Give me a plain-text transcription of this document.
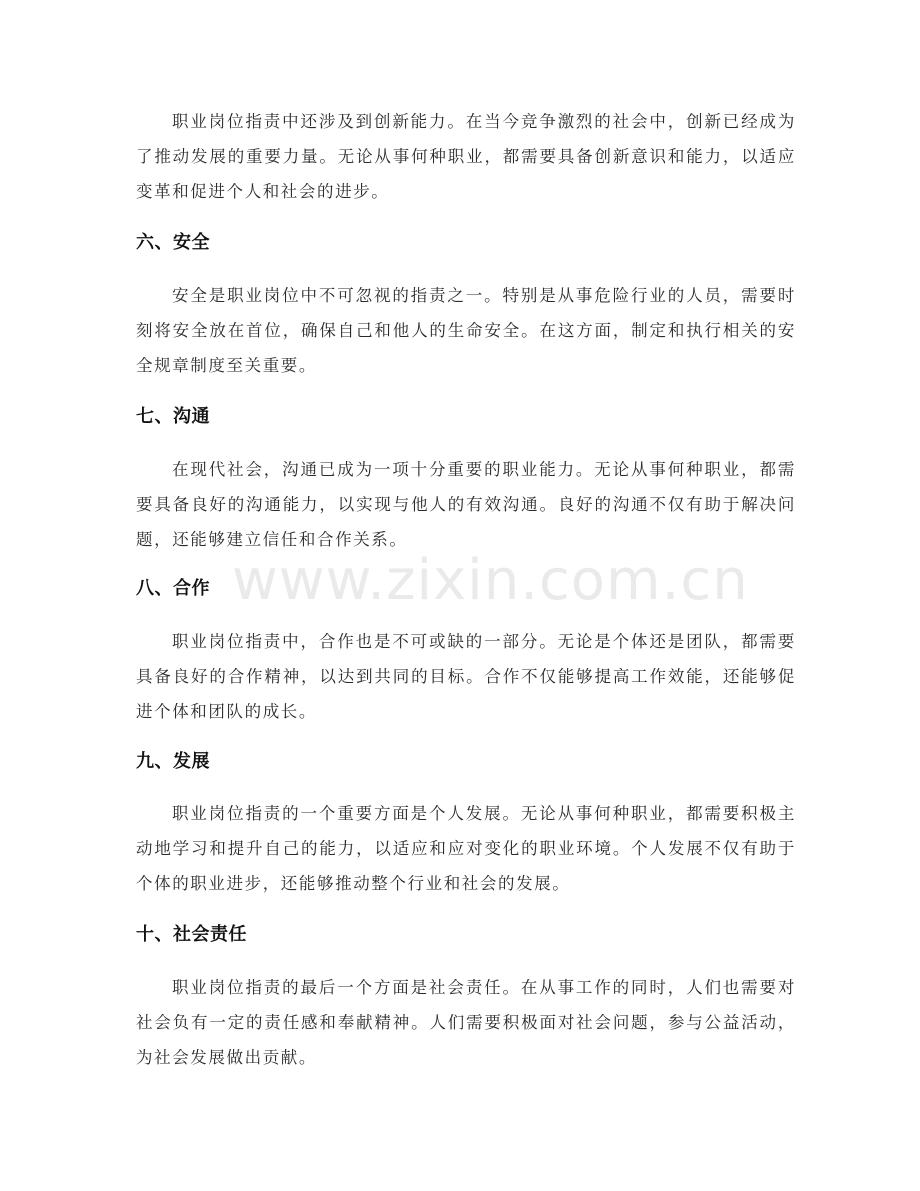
职业岗位指责中还涉及到创新能力。在当今竞争激烈的社会中，创新已经成为了推动发展的重要力量。无论从事何种职业，都需要具备创新意识和能力，以适应变革和促进个人和社会的进步。

六、安全

安全是职业岗位中不可忽视的指责之一。特别是从事危险行业的人员，需要时刻将安全放在首位，确保自己和他人的生命安全。在这方面，制定和执行相关的安全规章制度至关重要。

七、沟通

在现代社会，沟通已成为一项十分重要的职业能力。无论从事何种职业，都需要具备良好的沟通能力，以实现与他人的有效沟通。良好的沟通不仅有助于解决问题，还能够建立信任和合作关系。

八、合作

职业岗位指责中，合作也是不可或缺的一部分。无论是个体还是团队，都需要具备良好的合作精神，以达到共同的目标。合作不仅能够提高工作效能，还能够促进个体和团队的成长。

九、发展

职业岗位指责的一个重要方面是个人发展。无论从事何种职业，都需要积极主动地学习和提升自己的能力，以适应和应对变化的职业环境。个人发展不仅有助于个体的职业进步，还能够推动整个行业和社会的发展。

十、社会责任

职业岗位指责的最后一个方面是社会责任。在从事工作的同时，人们也需要对社会负有一定的责任感和奉献精神。人们需要积极面对社会问题，参与公益活动，为社会发展做出贡献。

www.zixin.com.cn
